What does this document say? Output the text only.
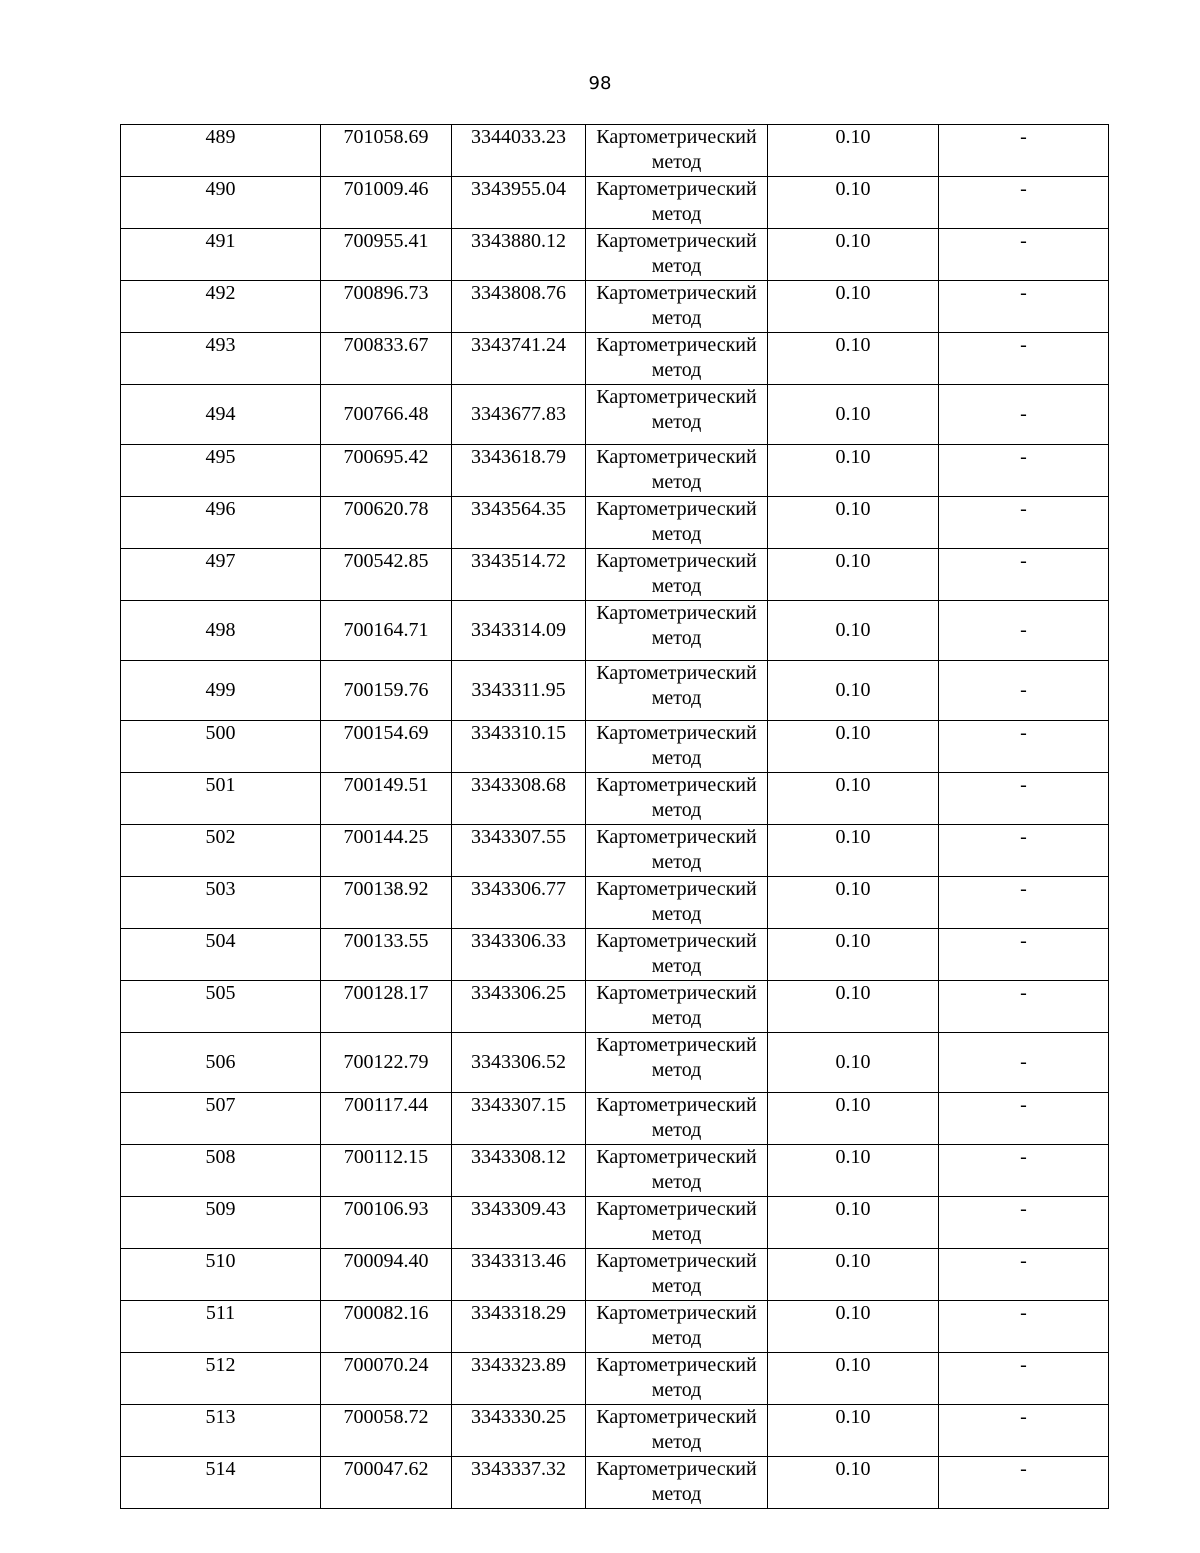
98
489	701058.69	3344033.23	Картометрический
метод	0.10	-
490	701009.46	3343955.04	Картометрический
метод	0.10	-
491	700955.41	3343880.12	Картометрический
метод	0.10	-
492	700896.73	3343808.76	Картометрический
метод	0.10	-
493	700833.67	3343741.24	Картометрический
метод	0.10	-
494	700766.48	3343677.83	Картометрический
метод	0.10	-
495	700695.42	3343618.79	Картометрический
метод	0.10	-
496	700620.78	3343564.35	Картометрический
метод	0.10	-
497	700542.85	3343514.72	Картометрический
метод	0.10	-
498	700164.71	3343314.09	Картометрический
метод	0.10	-
499	700159.76	3343311.95	Картометрический
метод	0.10	-
500	700154.69	3343310.15	Картометрический
метод	0.10	-
501	700149.51	3343308.68	Картометрический
метод	0.10	-
502	700144.25	3343307.55	Картометрический
метод	0.10	-
503	700138.92	3343306.77	Картометрический
метод	0.10	-
504	700133.55	3343306.33	Картометрический
метод	0.10	-
505	700128.17	3343306.25	Картометрический
метод	0.10	-
506	700122.79	3343306.52	Картометрический
метод	0.10	-
507	700117.44	3343307.15	Картометрический
метод	0.10	-
508	700112.15	3343308.12	Картометрический
метод	0.10	-
509	700106.93	3343309.43	Картометрический
метод	0.10	-
510	700094.40	3343313.46	Картометрический
метод	0.10	-
511	700082.16	3343318.29	Картометрический
метод	0.10	-
512	700070.24	3343323.89	Картометрический
метод	0.10	-
513	700058.72	3343330.25	Картометрический
метод	0.10	-
514	700047.62	3343337.32	Картометрический
метод	0.10	-
